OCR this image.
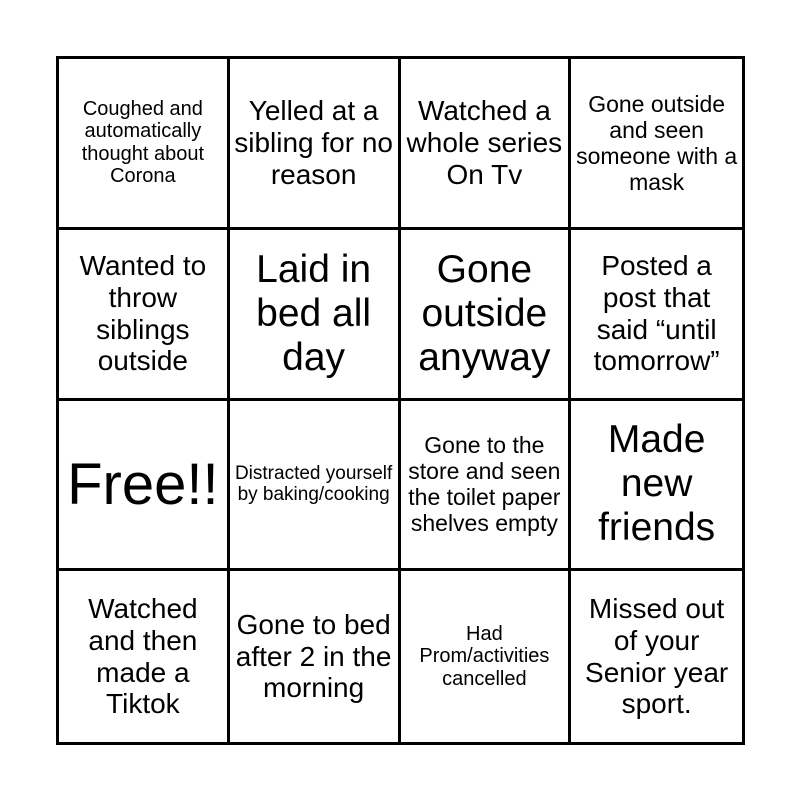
Coughed and automatically thought about Corona
Yelled at a sibling for no reason
Watched a whole series On Tv
Gone outside and seen someone with a mask
Wanted to throw siblings outside
Laid in bed all day
Gone outside anyway
Posted a post that said “until tomorrow”
Free!! Distracted yourself by baking/cooking
Gone to the store and seen the toilet paper shelves empty
Made new friends
Watched and then made a Tiktok
Gone to bed after 2 in the morning
Had Prom/activities cancelled
Missed out of your Senior year sport.
